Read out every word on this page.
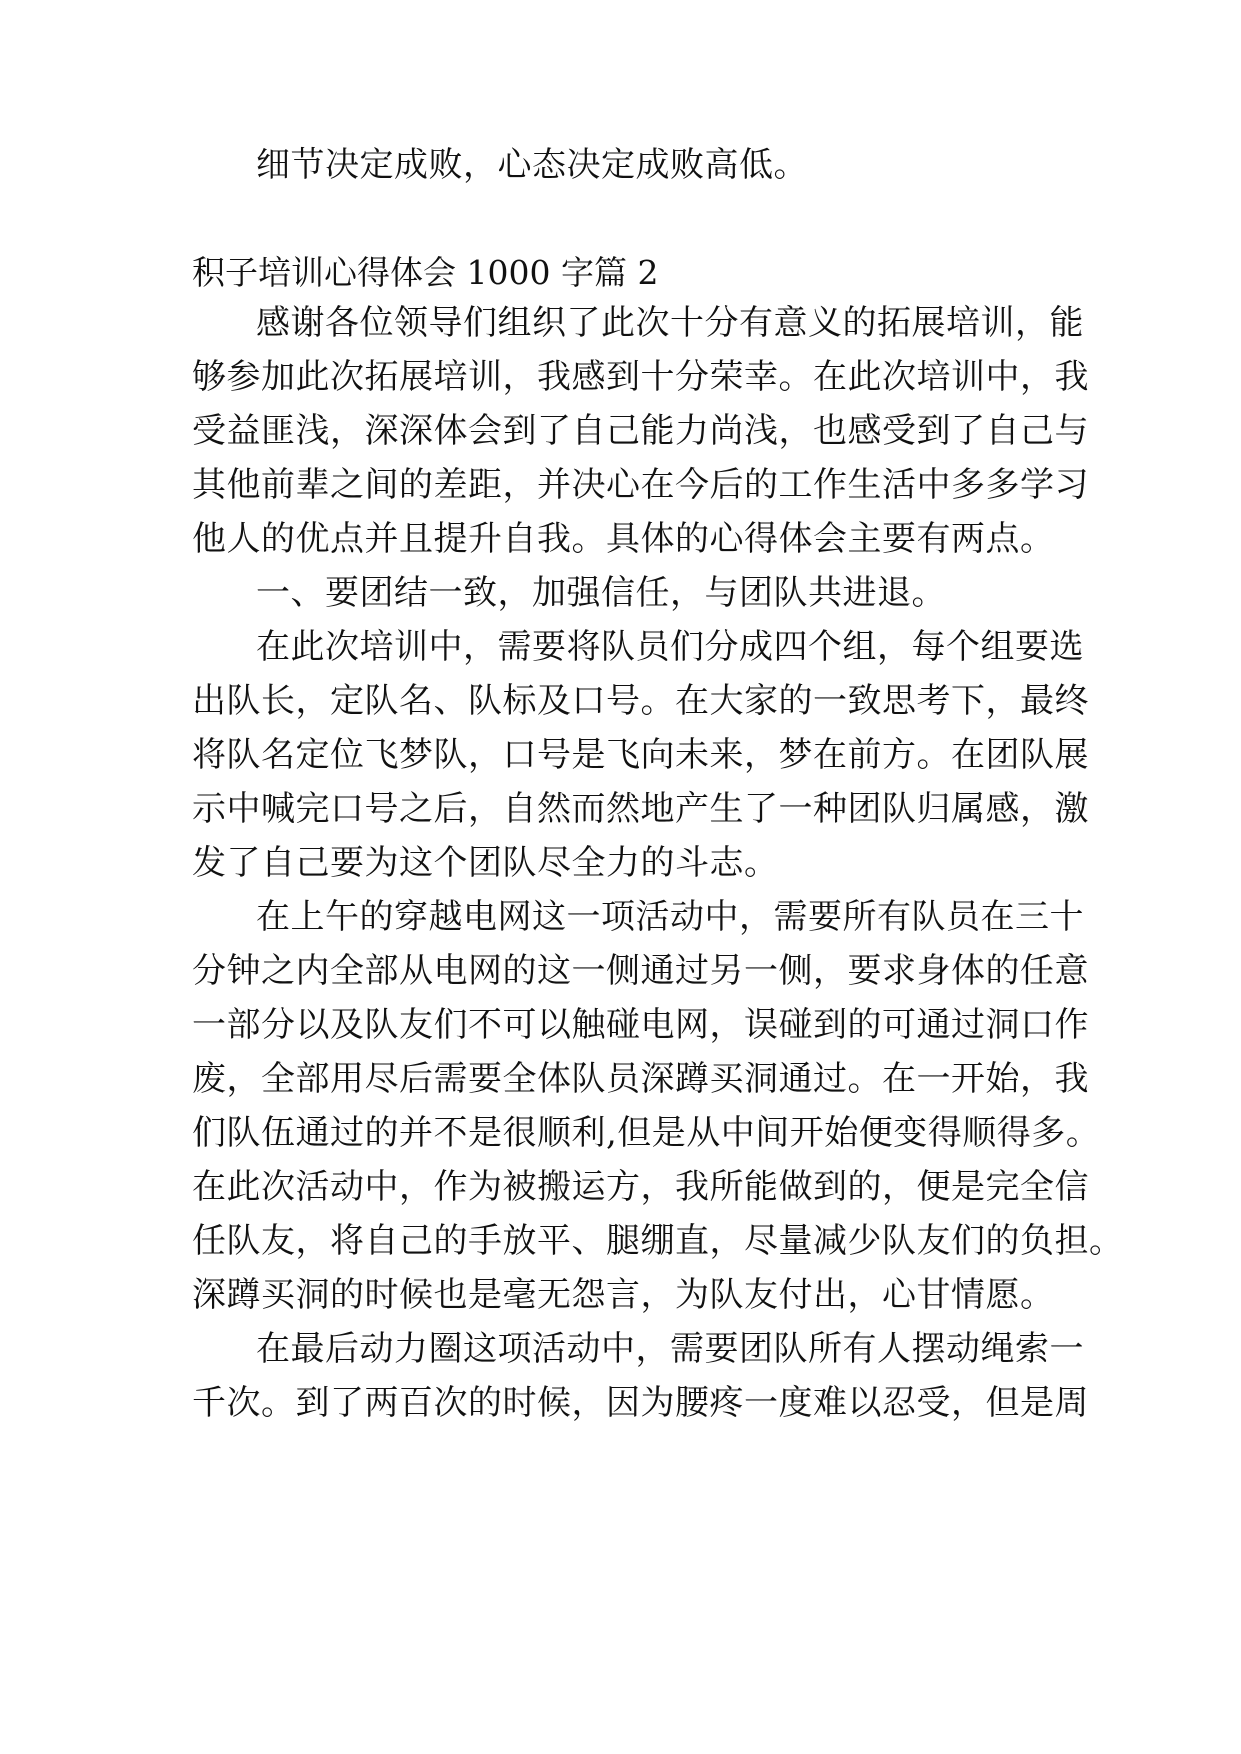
细节决定成败，心态决定成败高低。
积子培训心得体会 1000 字篇 2
感谢各位领导们组织了此次十分有意义的拓展培训，能
够参加此次拓展培训，我感到十分荣幸。在此次培训中，我
受益匪浅，深深体会到了自己能力尚浅，也感受到了自己与
其他前辈之间的差距，并决心在今后的工作生活中多多学习
他人的优点并且提升自我。具体的心得体会主要有两点。
一、要团结一致，加强信任，与团队共进退。
在此次培训中，需要将队员们分成四个组，每个组要选
出队长，定队名、队标及口号。在大家的一致思考下，最终
将队名定位飞梦队，口号是飞向未来，梦在前方。在团队展
示中喊完口号之后，自然而然地产生了一种团队归属感，激
发了自己要为这个团队尽全力的斗志。
在上午的穿越电网这一项活动中，需要所有队员在三十
分钟之内全部从电网的这一侧通过另一侧，要求身体的任意
一部分以及队友们不可以触碰电网，误碰到的可通过洞口作
废，全部用尽后需要全体队员深蹲买洞通过。在一开始，我
们队伍通过的并不是很顺利,但是从中间开始便变得顺得多。
在此次活动中，作为被搬运方，我所能做到的，便是完全信
任队友，将自己的手放平、腿绷直，尽量减少队友们的负担。
深蹲买洞的时候也是毫无怨言，为队友付出，心甘情愿。
在最后动力圈这项活动中，需要团队所有人摆动绳索一
千次。到了两百次的时候，因为腰疼一度难以忍受，但是周
